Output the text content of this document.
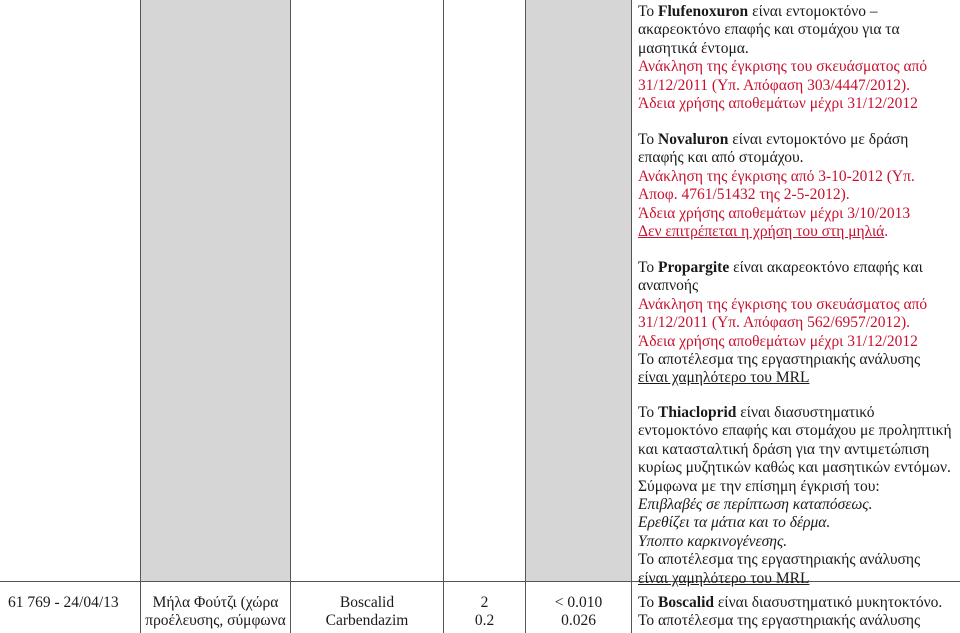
Το Flufenoxuron είναι εντομοκτόνο –
ακαρεοκτόνο επαφής και στομάχου για τα
μασητικά έντομα.
Ανάκληση της έγκρισης του σκευάσματος από
31/12/2011 (Υπ. Απόφαση 303/4447/2012).
Άδεια χρήσης αποθεμάτων μέχρι 31/12/2012
Το Novaluron είναι εντομοκτόνο με δράση
επαφής και από στομάχου.
Ανάκληση της έγκρισης από 3-10-2012 (Υπ.
Αποφ. 4761/51432 της 2-5-2012).
Άδεια χρήσης αποθεμάτων μέχρι 3/10/2013
Δεν επιτρέπεται η χρήση του στη μηλιά.
Το Propargite είναι ακαρεοκτόνο επαφής και
αναπνοής
Ανάκληση της έγκρισης του σκευάσματος από
31/12/2011 (Υπ. Απόφαση 562/6957/2012).
Άδεια χρήσης αποθεμάτων μέχρι 31/12/2012
Το αποτέλεσμα της εργαστηριακής ανάλυσης
είναι χαμηλότερο του MRL
Το Thiacloprid είναι διασυστηματικό
εντομοκτόνο επαφής και στομάχου με προληπτική
και κατασταλτική δράση για την αντιμετώπιση
κυρίως μυζητικών καθώς και μασητικών εντόμων.
Σύμφωνα με την επίσημη έγκρισή του:
Επιβλαβές σε περίπτωση καταπόσεως.
Ερεθίζει τα μάτια και το δέρμα.
Υποπτο καρκινογένεσης.
Το αποτέλεσμα της εργαστηριακής ανάλυσης
είναι χαμηλότερο του MRL
61 769 - 24/04/13	Μήλα Φούτζι (χώρα
προέλευσης, σύμφωνα
Boscalid
Carbendazim
2
0.2
< 0.010
0.026
Το Boscalid είναι διασυστηματικό μυκητοκτόνο.
Το αποτέλεσμα της εργαστηριακής ανάλυσης
